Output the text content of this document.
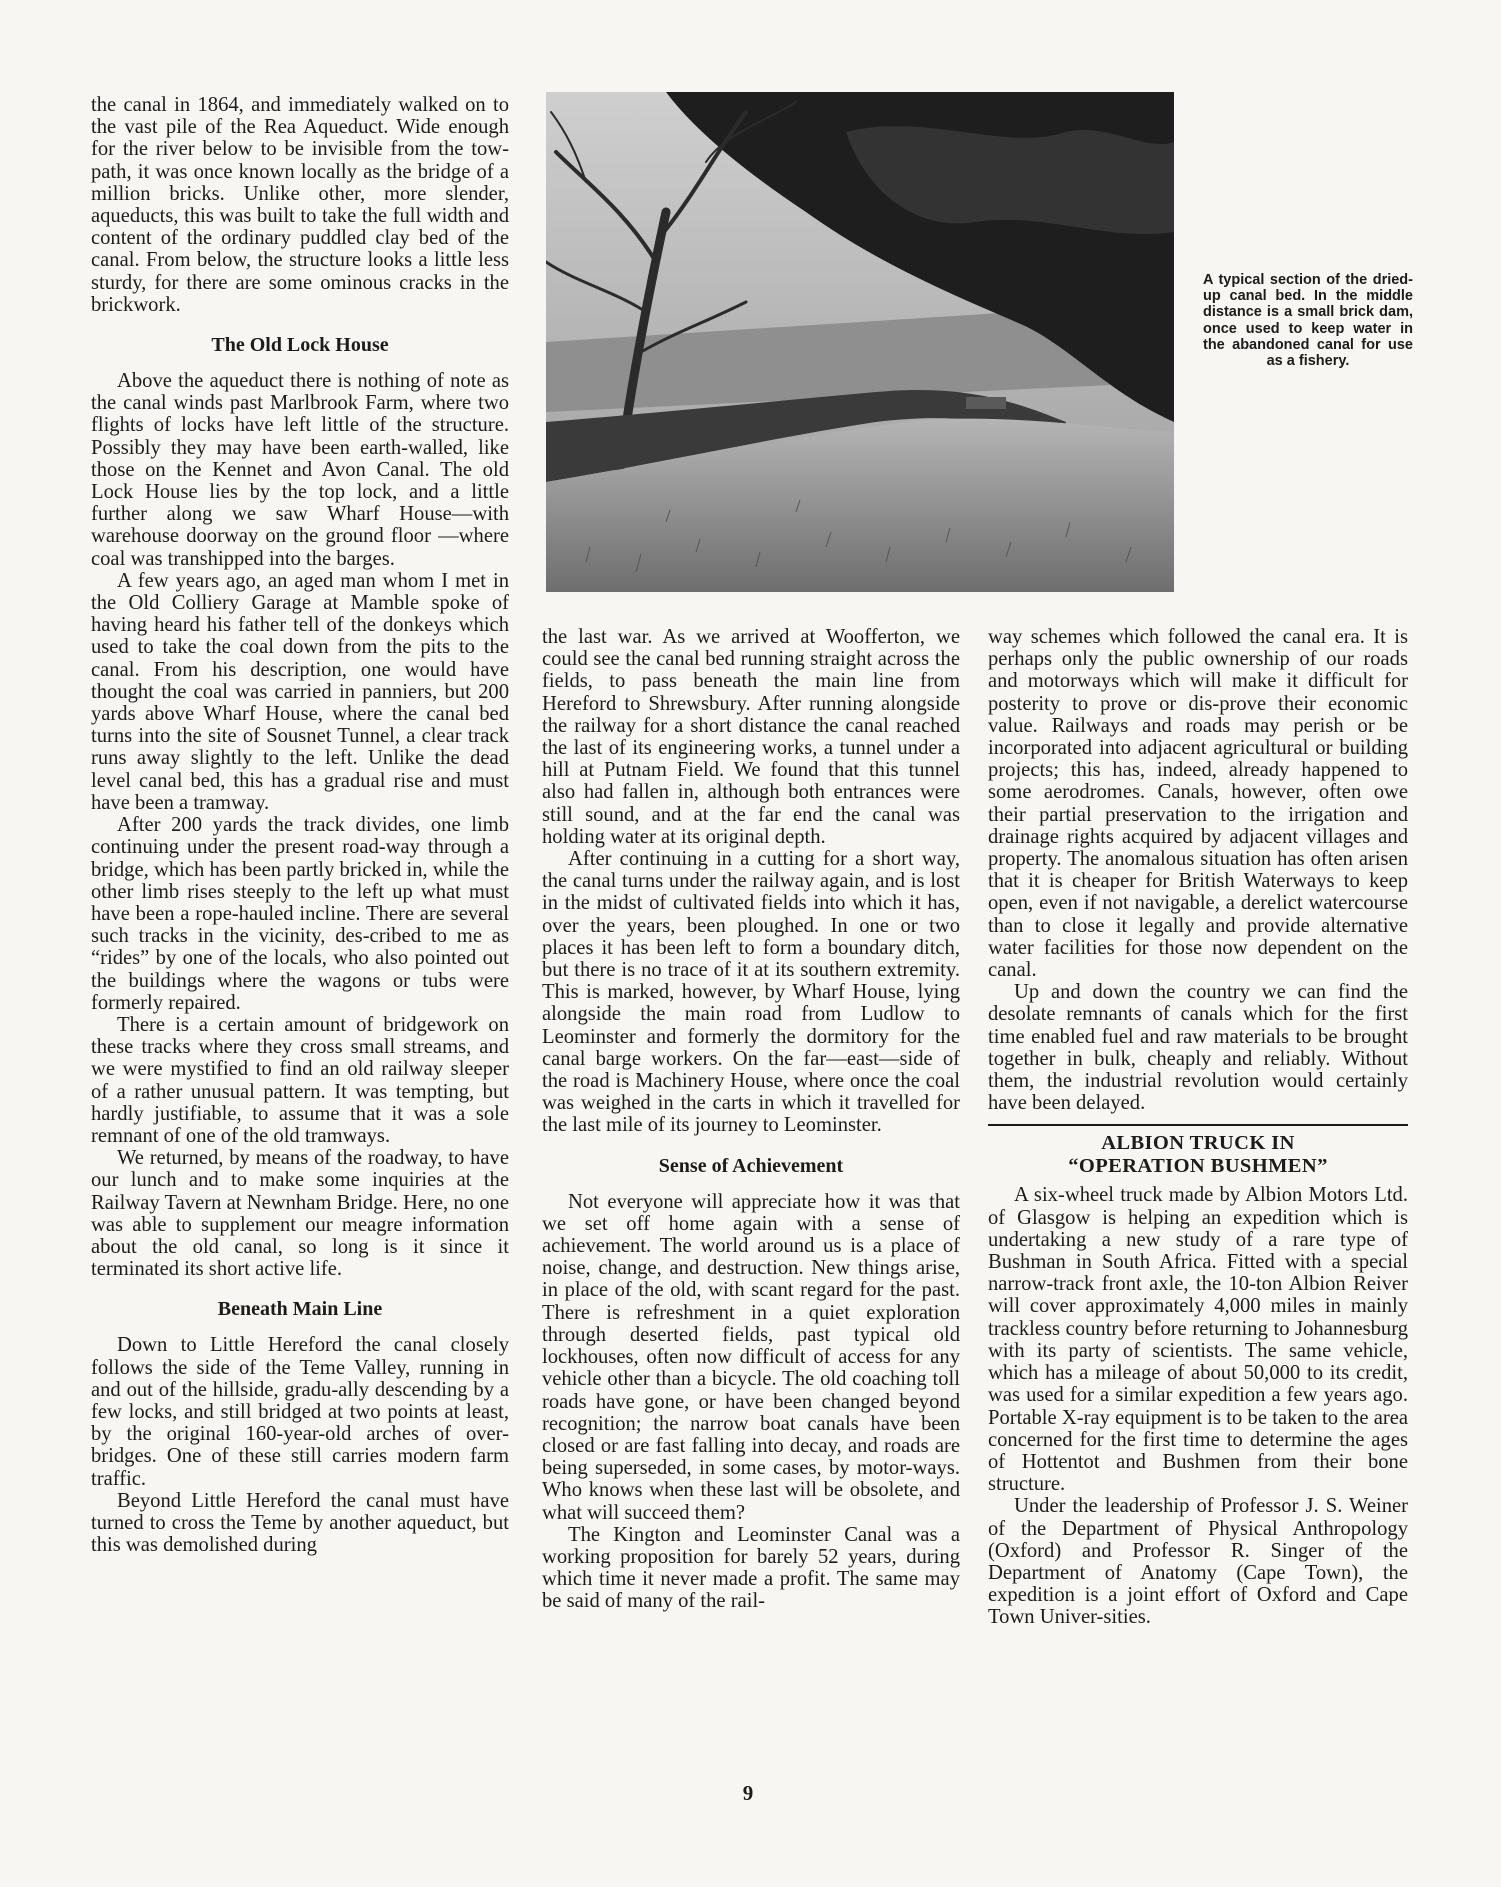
the canal in 1864, and immediately walked on to the vast pile of the Rea Aqueduct. Wide enough for the river below to be invisible from the tow-path, it was once known locally as the bridge of a million bricks. Unlike other, more slender, aqueducts, this was built to take the full width and content of the ordinary puddled clay bed of the canal. From below, the structure looks a little less sturdy, for there are some ominous cracks in the brickwork.

The Old Lock House

Above the aqueduct there is nothing of note as the canal winds past Marlbrook Farm, where two flights of locks have left little of the structure. Possibly they may have been earth-walled, like those on the Kennet and Avon Canal. The old Lock House lies by the top lock, and a little further along we saw Wharf House—with warehouse doorway on the ground floor —where coal was transhipped into the barges.

A few years ago, an aged man whom I met in the Old Colliery Garage at Mamble spoke of having heard his father tell of the donkeys which used to take the coal down from the pits to the canal. From his description, one would have thought the coal was carried in panniers, but 200 yards above Wharf House, where the canal bed turns into the site of Sousnet Tunnel, a clear track runs away slightly to the left. Unlike the dead level canal bed, this has a gradual rise and must have been a tramway.

After 200 yards the track divides, one limb continuing under the present road-way through a bridge, which has been partly bricked in, while the other limb rises steeply to the left up what must have been a rope-hauled incline. There are several such tracks in the vicinity, des-cribed to me as “rides” by one of the locals, who also pointed out the buildings where the wagons or tubs were formerly repaired.

There is a certain amount of bridgework on these tracks where they cross small streams, and we were mystified to find an old railway sleeper of a rather unusual pattern. It was tempting, but hardly justifiable, to assume that it was a sole remnant of one of the old tramways.

We returned, by means of the roadway, to have our lunch and to make some inquiries at the Railway Tavern at Newnham Bridge. Here, no one was able to supplement our meagre information about the old canal, so long is it since it terminated its short active life.

Beneath Main Line

Down to Little Hereford the canal closely follows the side of the Teme Valley, running in and out of the hillside, gradu-ally descending by a few locks, and still bridged at two points at least, by the original 160-year-old arches of over-bridges. One of these still carries modern farm traffic.

Beyond Little Hereford the canal must have turned to cross the Teme by another aqueduct, but this was demolished during

A typical section of the dried-up canal bed. In the middle distance is a small brick dam, once used to keep water in the abandoned canal for use as a fishery.

the last war. As we arrived at Woofferton, we could see the canal bed running straight across the fields, to pass beneath the main line from Hereford to Shrewsbury. After running alongside the railway for a short distance the canal reached the last of its engineering works, a tunnel under a hill at Putnam Field. We found that this tunnel also had fallen in, although both entrances were still sound, and at the far end the canal was holding water at its original depth.

After continuing in a cutting for a short way, the canal turns under the railway again, and is lost in the midst of cultivated fields into which it has, over the years, been ploughed. In one or two places it has been left to form a boundary ditch, but there is no trace of it at its southern extremity. This is marked, however, by Wharf House, lying alongside the main road from Ludlow to Leominster and formerly the dormitory for the canal barge workers. On the far—east—side of the road is Machinery House, where once the coal was weighed in the carts in which it travelled for the last mile of its journey to Leominster.

Sense of Achievement

Not everyone will appreciate how it was that we set off home again with a sense of achievement. The world around us is a place of noise, change, and destruction. New things arise, in place of the old, with scant regard for the past. There is refreshment in a quiet exploration through deserted fields, past typical old lockhouses, often now difficult of access for any vehicle other than a bicycle. The old coaching toll roads have gone, or have been changed beyond recognition; the narrow boat canals have been closed or are fast falling into decay, and roads are being superseded, in some cases, by motor-ways. Who knows when these last will be obsolete, and what will succeed them?

The Kington and Leominster Canal was a working proposition for barely 52 years, during which time it never made a profit. The same may be said of many of the rail-

way schemes which followed the canal era. It is perhaps only the public ownership of our roads and motorways which will make it difficult for posterity to prove or dis-prove their economic value. Railways and roads may perish or be incorporated into adjacent agricultural or building projects; this has, indeed, already happened to some aerodromes. Canals, however, often owe their partial preservation to the irrigation and drainage rights acquired by adjacent villages and property. The anomalous situation has often arisen that it is cheaper for British Waterways to keep open, even if not navigable, a derelict watercourse than to close it legally and provide alternative water facilities for those now dependent on the canal.

Up and down the country we can find the desolate remnants of canals which for the first time enabled fuel and raw materials to be brought together in bulk, cheaply and reliably. Without them, the industrial revolution would certainly have been delayed.

ALBION TRUCK IN
“OPERATION BUSHMEN”

A six-wheel truck made by Albion Motors Ltd. of Glasgow is helping an expedition which is undertaking a new study of a rare type of Bushman in South Africa. Fitted with a special narrow-track front axle, the 10-ton Albion Reiver will cover approximately 4,000 miles in mainly trackless country before returning to Johannesburg with its party of scientists. The same vehicle, which has a mileage of about 50,000 to its credit, was used for a similar expedition a few years ago. Portable X-ray equipment is to be taken to the area concerned for the first time to determine the ages of Hottentot and Bushmen from their bone structure.

Under the leadership of Professor J. S. Weiner of the Department of Physical Anthropology (Oxford) and Professor R. Singer of the Department of Anatomy (Cape Town), the expedition is a joint effort of Oxford and Cape Town Univer-sities.

9
